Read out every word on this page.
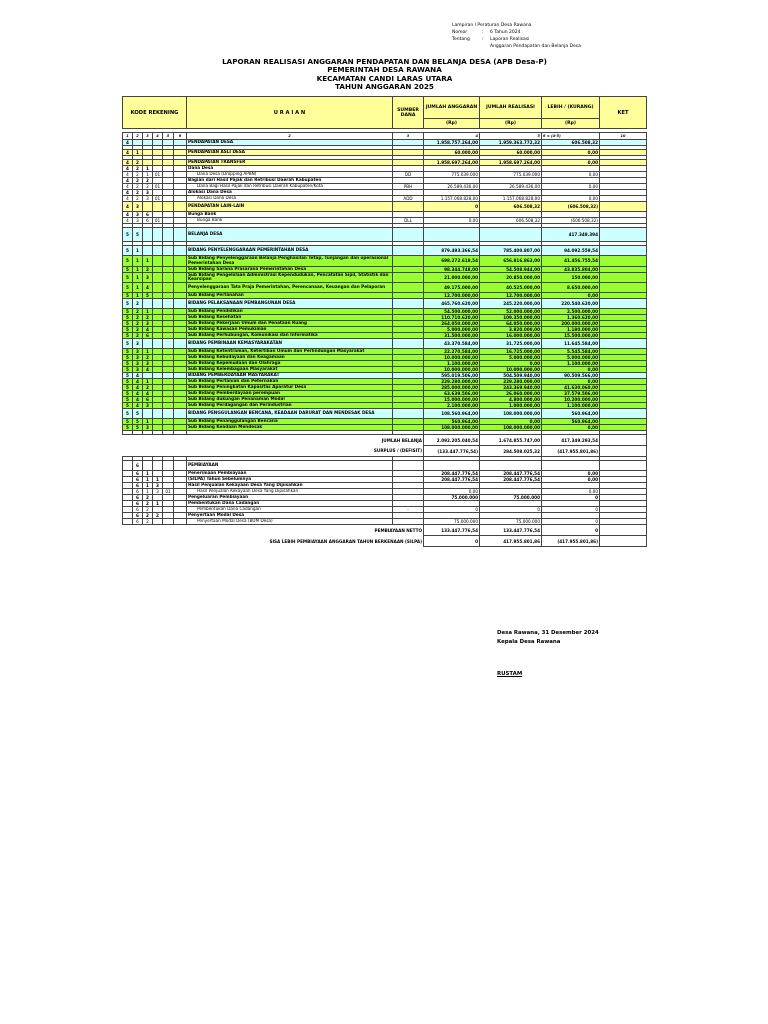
Lampiran I Peraturan Desa Rawana
Nomor	: 6 Tahun 2024
Tentang	: Laporan Realisasi
Anggaran Pendapatan dan Belanja Desa
LAPORAN REALISASI ANGGARAN PENDAPATAN DAN BELANJA DESA (APB Desa-P)
PEMERINTAH DESA RAWANA
KECAMATAN CANDI LARAS UTARA
TAHUN ANGGARAN 2025
KODE REKENING						U R A I A N	SUMBER DANA	JUMLAH ANGGARAN	JUMLAH REALISASI	LEBIH / (KURANG)	KET
								(Rp)	(Rp)	(Rp)	

1	2	3	4	5	6	2	3	4	5	6 = (4-5)	10
4						PENDAPATAN DESA		1.958.757.264,00	1.959.363.772,32	606.508,32	

4	1					PENDAPATAN ASLI DESA		60.000,00	60.000,00	0,00	

4	2					PENDAPATAN TRANSFER		1.958.697.264,00	1.958.697.264,00	0,00	
4	2	1				Dana Desa					
4	2	1	01			Dana Desa (Dropping APBN)	DD	775.039.000	775.039.000	0,00	
4	2	2				Bagian dari Hasil Pajak dan Retribusi Daerah Kabupaten					
4	2	2	01			Dana Bagi Hasil Pajak dan Retribusi Daerah Kabupaten/Kota	PBH	26.589.436,00	26.589.436,00	0,00	
4	2	3				Alokasi Dana Desa					
4	2	3	01			Alokasi Dana Desa	ADD	1.157.068.828,00	1.157.068.828,00	0,00	
4	3					PENDAPATAN LAIN-LAIN		0	606.508,32	(606.508,32)	
4	3	6				Bunga Bank					
4	3	6	01			Bunga Bank	DLL	0,00	606.508,32	(606.508,32)	

5	5					BELANJA DESA				417.349.394	

5	1					BIDANG PENYELENGGARAAN PEMERINTAHAN DESA		879.493.366,54	785.400.807,00	94.092.559,54	
5	1	1				Sub Bidang Penyelenggaraan Belanja Penghasilan Tetap, Tunjangan dan operasional Pemerintahan Desa		698.272.618,54	656.816.863,00	41.456.755,54	
5	1	2				Sub Bidang Sarana Prasarana Pemerintahan Desa		98.344.748,00	54.508.944,00	43.835.804,00	
5	1	3				Sub Bidang Pengelolaan Administrasi Kependudukan, Pencatatan Sipil, Statistik dan Kearsipan		21.000.000,00	20.850.000,00	150.000,00	
5	1	4				Penyelenggaraan Tata Praja Pemerintahan, Perencanaan, Keuangan dan Pelaporan		49.175.000,00	40.525.000,00	8.650.000,00	
5	1	5				Sub Bidang Pertanahan		12.700.000,00	12.700.000,00	0,00	
5	2					BIDANG PELAKSANAAN PEMBANGUNAN DESA		465.760.620,00	245.220.000,00	220.540.620,00	
5	2	1				Sub Bidang Pendidikan		54.500.000,00	52.000.000,00	2.500.000,00	
5	2	2				Sub Bidang Kesehatan		110.710.620,00	109.350.000,00	1.360.620,00	
5	2	3				Sub Bidang Pekerjaan Umum dan Penataan Ruang		264.050.000,00	64.050.000,00	200.000.000,00	
5	2	4				Sub Bidang Kawasan Pemukiman		5.000.000,00	3.820.000,00	1.180.000,00	
5	2	6				Sub Bidang Perhubungan, Komunikasi dan Informatika		31.500.000,00	16.000.000,00	15.500.000,00	
5	3					BIDANG PEMBINAAN KEMASYARAKATAN		43.370.584,00	31.725.000,00	11.645.584,00	
5	3	1				Sub Bidang Ketentraman, Ketertiban Umum dan Perlindungan Masyarakat		22.270.584,00	16.725.000,00	5.545.584,00	
5	3	2				Sub Bidang Kebudayaan dan Keagamaan		10.000.000,00	5.000.000,00	5.000.000,00	
5	3	3				Sub Bidang Kepemudaan dan Olahraga		1.100.000,00	0,00	1.100.000,00	
5	3	4				Sub Bidang Kelembagaan Masyarakat		10.000.000,00	10.000.000,00	0,00	
5	4					BIDANG PEMBERDAYAAN MASYARAKAT		595.019.506,00	504.509.940,00	90.509.566,00	
5	4	1				Sub Bidang Pertanian dan Peternakan		229.280.000,00	229.280.000,00	0,00	
5	4	2				Sub Bidang Peningkatan Kapasitas Aparatur Desa		285.000.000,00	243.369.940,00	41.630.060,00	
5	4	4				Sub Bidang Pemberdayaan perempuan		63.639.506,00	26.060.000,00	37.579.506,00	
5	4	6				Sub Bidang dukungan Penanaman Modal		15.000.000,00	4.800.000,00	10.200.000,00	
5	4	3				Sub Bidang Perdagangan dan Perindustrian		2.100.000,00	1.000.000,00	1.100.000,00	
5	5					BIDANG PENGGULANGAN BENCANA, KEADAAN DARURAT DAN MENDESAK DESA		108.560.964,00	108.000.000,00	560.964,00	
5	5	1				Sub Bidang Penanggulangan Bencana		560.964,00	0,00	560.964,00	
5	5	3				Sub Bidang Keadaan Mendesak		108.000.000,00	108.000.000,00	0,00	

JUMLAH BELANJA								2.092.205.040,54	1.674.855.747,00	417.349.293,54	
SURPLUS / (DEFISIT)								(133.447.776,54)	284.508.025,32	(417.955.801,86)	

	6					PEMBIAYAAN					
	6	1				Penerimaan Pembiayaan		208.447.776,54	208.447.776,54	0,00	
	6	1	1			(SILPA) Tahun Sebelumnya		208.447.776,54	208.447.776,54	0,00	
	6	1	3			Hasil Penjualan Kekayaan Desa Yang Dipisahkan					
	6	1	3	01		Hasil Penjualan Kekayaan Desa Yang Dipisahkan		0,00		0,00	
	6	2				Pengeluaran Pembiayaan		75.000.000	75.000.000	0	
	6	2	1			Pembentukan Dana Cadangan					
	6	2				Pembentukan Dana Cadangan	-	0	0	0	
	6	2	2			Penyertaan Modal Desa					
	6	2				Penyertaan Modal Desa (BUM Desa)		75.000.000	75.000.000	0	
PEMBIAYAAN NETTO								133.447.776,54	133.447.776,54	0	
SISA LEBIH PEMBIAYAAN ANGGARAN TAHUN BERKENAAN (SILPA)								0	417.955.801,86	(417.955.801,86)	
Desa Rawana, 31 Desember 2024
Kepala Desa Rawana
RUSTAM
